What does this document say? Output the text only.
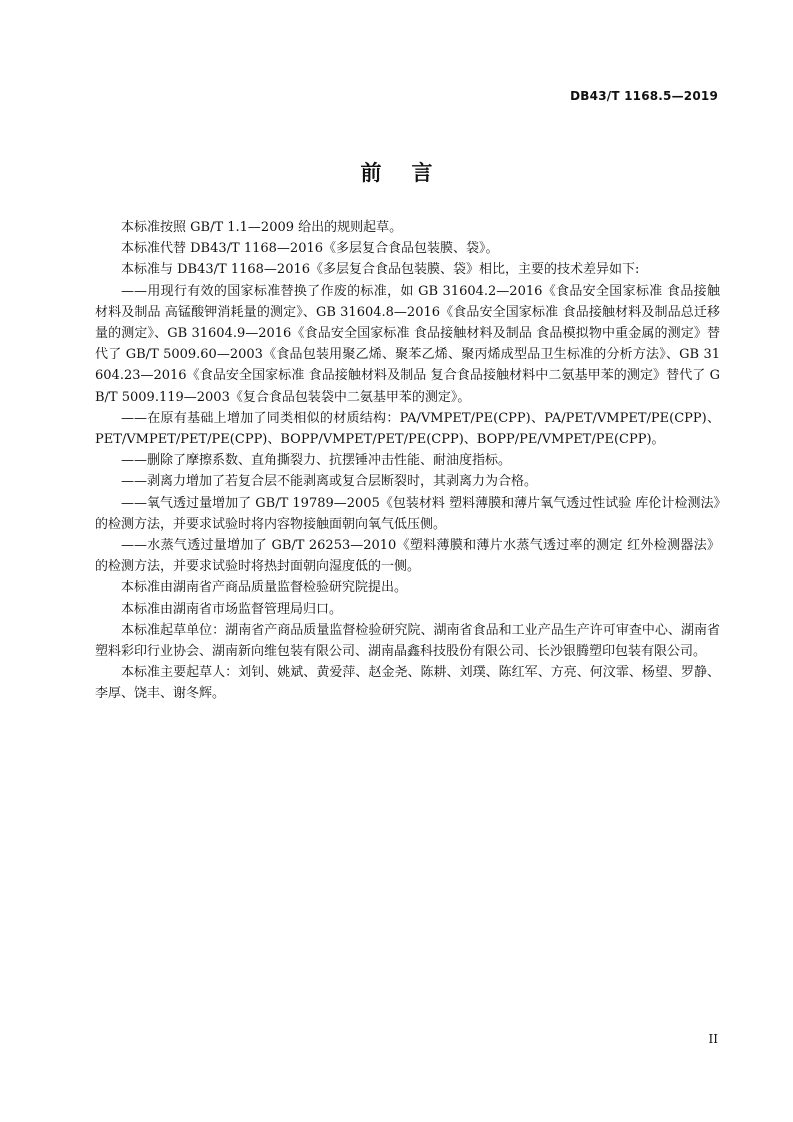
DB43/T 1168.5—2019
前言

本标准按照 GB/T 1.1—2009 给出的规则起草。

本标准代替 DB43/T 1168—2016《多层复合食品包装膜、袋》。

本标准与 DB43/T 1168—2016《多层复合食品包装膜、袋》相比，主要的技术差异如下:

——用现行有效的国家标准替换了作废的标准，如 GB 31604.2—2016《食品安全国家标准 食品接触材料及制品 高锰酸钾消耗量的测定》、GB 31604.8—2016《食品安全国家标准 食品接触材料及制品总迁移量的测定》、GB 31604.9—2016《食品安全国家标准 食品接触材料及制品 食品模拟物中重金属的测定》替代了 GB/T 5009.60—2003《食品包装用聚乙烯、聚苯乙烯、聚丙烯成型品卫生标准的分析方法》、GB 31604.23—2016《食品安全国家标准 食品接触材料及制品 复合食品接触材料中二氨基甲苯的测定》替代了 GB/T 5009.119—2003《复合食品包装袋中二氨基甲苯的测定》。

——在原有基础上增加了同类相似的材质结构：PA/VMPET/PE(CPP)、PA/PET/VMPET/PE(CPP)、PET/VMPET/PET/PE(CPP)、BOPP/VMPET/PET/PE(CPP)、BOPP/PE/VMPET/PE(CPP)。

——删除了摩擦系数、直角撕裂力、抗摆锤冲击性能、耐油度指标。

——剥离力增加了若复合层不能剥离或复合层断裂时，其剥离力为合格。

——氧气透过量增加了 GB/T 19789—2005《包装材料 塑料薄膜和薄片氧气透过性试验 库伦计检测法》的检测方法，并要求试验时将内容物接触面朝向氧气低压侧。

——水蒸气透过量增加了 GB/T 26253—2010《塑料薄膜和薄片水蒸气透过率的测定 红外检测器法》的检测方法，并要求试验时将热封面朝向湿度低的一侧。

本标准由湖南省产商品质量监督检验研究院提出。

本标准由湖南省市场监督管理局归口。

本标准起草单位：湖南省产商品质量监督检验研究院、湖南省食品和工业产品生产许可审查中心、湖南省塑料彩印行业协会、湖南新向维包装有限公司、湖南晶鑫科技股份有限公司、长沙银腾塑印包装有限公司。

本标准主要起草人：刘钊、姚斌、黄爱萍、赵金尧、陈耕、刘璞、陈红军、方亮、何汶霏、杨望、罗静、李厚、饶丰、谢冬辉。

II
